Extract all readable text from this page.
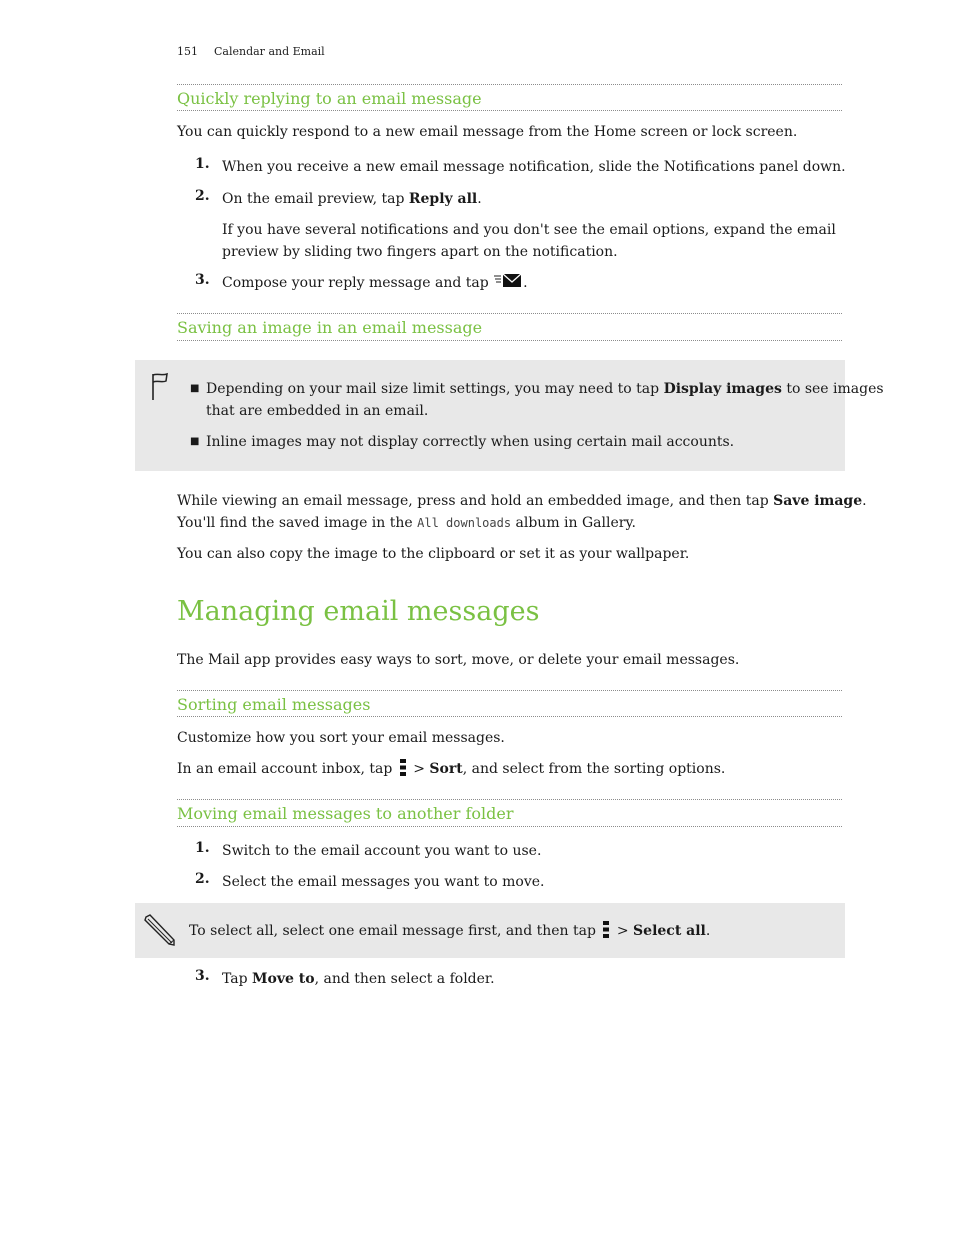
151 Calendar and Email
Quickly replying to an email message
You can quickly respond to a new email message from the Home screen or lock screen.
1. When you receive a new email message notification, slide the Notifications panel down.
2. On the email preview, tap Reply all.
If you have several notifications and you don't see the email options, expand the email
preview by sliding two fingers apart on the notification.
3. Compose your reply message and tap .
Saving an image in an email message
■ Depending on your mail size limit settings, you may need to tap Display images to see images
that are embedded in an email.
■ Inline images may not display correctly when using certain mail accounts.
While viewing an email message, press and hold an embedded image, and then tap Save image.
You'll find the saved image in the All downloads album in Gallery.
You can also copy the image to the clipboard or set it as your wallpaper.
Managing email messages
The Mail app provides easy ways to sort, move, or delete your email messages.
Sorting email messages
Customize how you sort your email messages.
In an email account inbox, tap  > Sort, and select from the sorting options.
Moving email messages to another folder
1. Switch to the email account you want to use.
2. Select the email messages you want to move.
To select all, select one email message first, and then tap  > Select all.
3. Tap Move to, and then select a folder.
